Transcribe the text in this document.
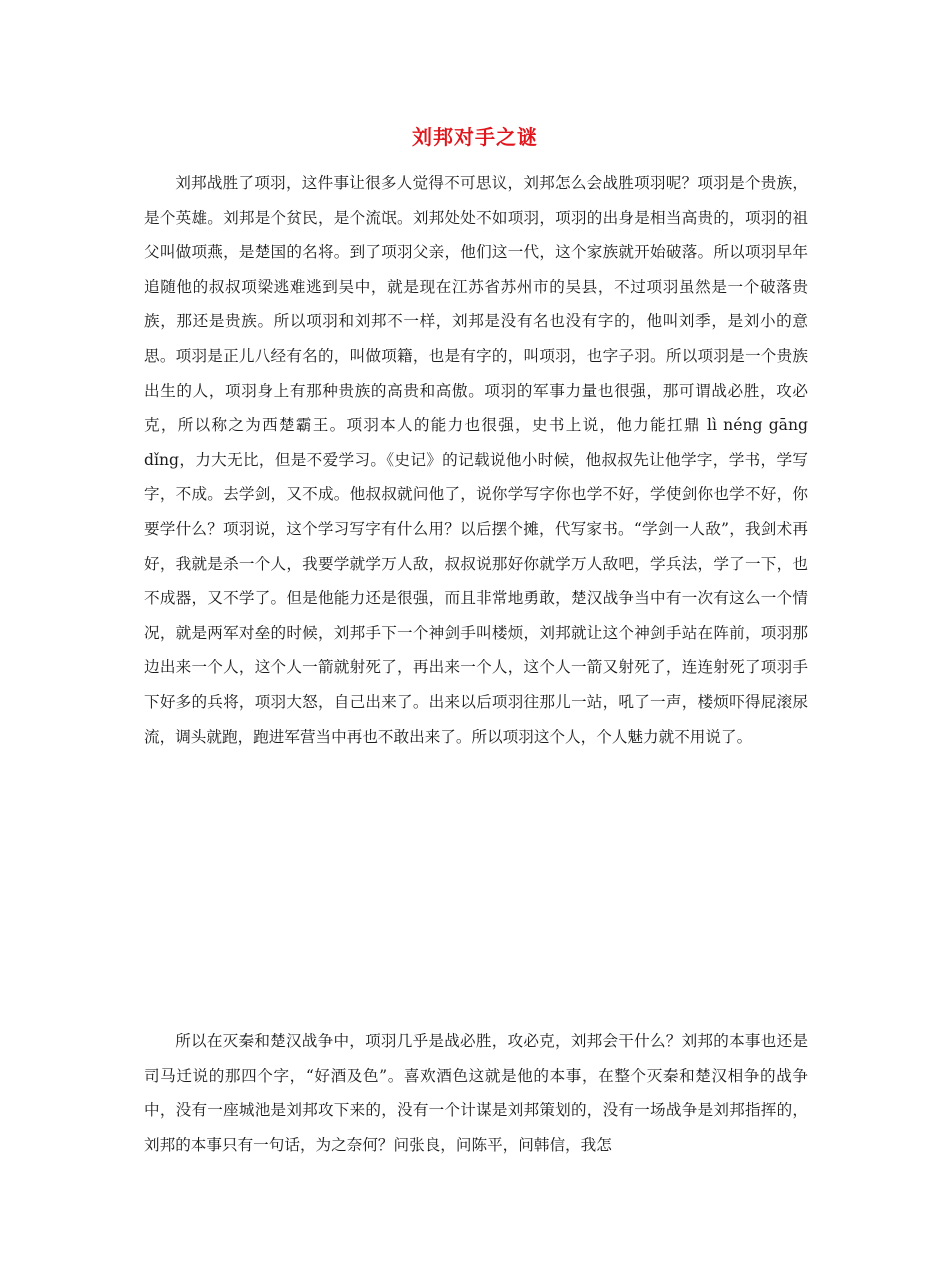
刘邦对手之谜

刘邦战胜了项羽，这件事让很多人觉得不可思议，刘邦怎么会战胜项羽呢？项羽是个贵族，是个英雄。刘邦是个贫民，是个流氓。刘邦处处不如项羽，项羽的出身是相当高贵的，项羽的祖父叫做项燕，是楚国的名将。到了项羽父亲，他们这一代，这个家族就开始破落。所以项羽早年追随他的叔叔项梁逃难逃到吴中，就是现在江苏省苏州市的吴县，不过项羽虽然是一个破落贵族，那还是贵族。所以项羽和刘邦不一样，刘邦是没有名也没有字的，他叫刘季，是刘小的意思。项羽是正儿八经有名的，叫做项籍，也是有字的，叫项羽，也字子羽。所以项羽是一个贵族出生的人，项羽身上有那种贵族的高贵和高傲。项羽的军事力量也很强，那可谓战必胜，攻必克，所以称之为西楚霸王。项羽本人的能力也很强，史书上说，他力能扛鼎 lì néng gāng dǐng，力大无比，但是不爱学习。《史记》的记载说他小时候，他叔叔先让他学字，学书，学写字，不成。去学剑，又不成。他叔叔就问他了，说你学写字你也学不好，学使剑你也学不好，你要学什么？项羽说，这个学习写字有什么用？以后摆个摊，代写家书。“学剑一人敌”，我剑术再好，我就是杀一个人，我要学就学万人敌，叔叔说那好你就学万人敌吧，学兵法，学了一下，也不成器，又不学了。但是他能力还是很强，而且非常地勇敢，楚汉战争当中有一次有这么一个情况，就是两军对垒的时候，刘邦手下一个神剑手叫楼烦，刘邦就让这个神剑手站在阵前，项羽那边出来一个人，这个人一箭就射死了，再出来一个人，这个人一箭又射死了，连连射死了项羽手下好多的兵将，项羽大怒，自己出来了。出来以后项羽往那儿一站，吼了一声，楼烦吓得屁滚尿流，调头就跑，跑进军营当中再也不敢出来了。所以项羽这个人，个人魅力就不用说了。

所以在灭秦和楚汉战争中，项羽几乎是战必胜，攻必克，刘邦会干什么？刘邦的本事也还是司马迁说的那四个字，“好酒及色”。喜欢酒色这就是他的本事，在整个灭秦和楚汉相争的战争中，没有一座城池是刘邦攻下来的，没有一个计谋是刘邦策划的，没有一场战争是刘邦指挥的，刘邦的本事只有一句话，为之奈何？问张良，问陈平，问韩信，我怎
